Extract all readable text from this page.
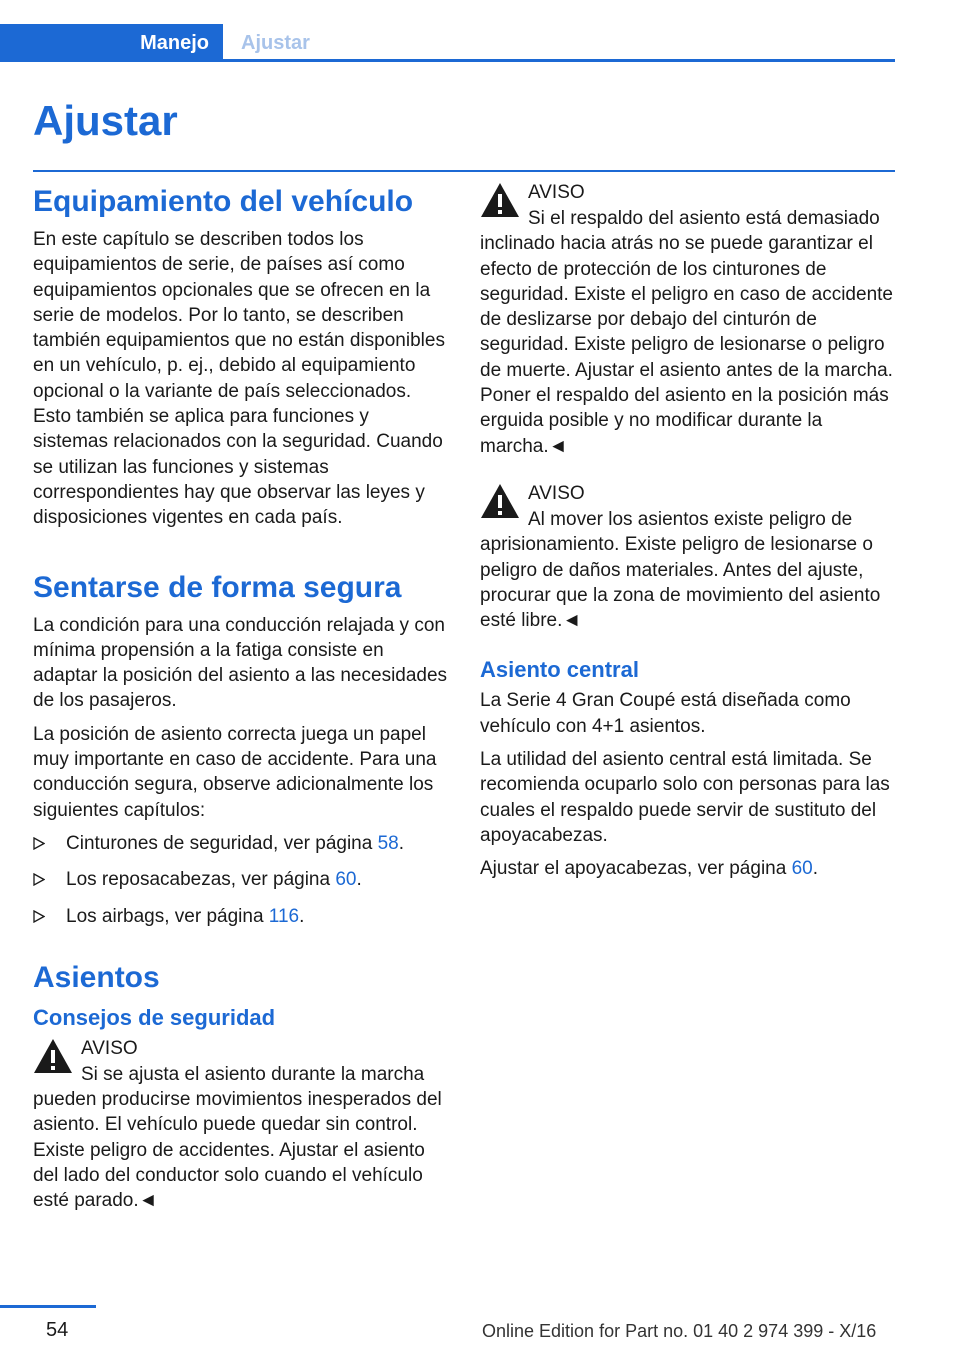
Manejo Ajustar
Ajustar
Equipamiento del vehículo

En este capítulo se describen todos los equipamientos de serie, de países así como equipamientos opcionales que se ofrecen en la serie de modelos. Por lo tanto, se describen también equipamientos que no están disponibles en un vehículo, p. ej., debido al equipamiento opcional o la variante de país seleccionados. Esto también se aplica para funciones y sistemas relacionados con la seguridad. Cuando se utilizan las funciones y sistemas correspondientes hay que observar las leyes y disposiciones vigentes en cada país.

Sentarse de forma segura

La condición para una conducción relajada y con mínima propensión a la fatiga consiste en adaptar la posición del asiento a las necesidades de los pasajeros.

La posición de asiento correcta juega un papel muy importante en caso de accidente. Para una conducción segura, observe adicionalmente los siguientes capítulos:

Cinturones de seguridad, ver página 58.
Los reposacabezas, ver página 60.
Los airbags, ver página 116.
Asientos
Consejos de seguridad
AVISO

Si se ajusta el asiento durante la marcha pueden producirse movimientos inesperados del asiento. El vehículo puede quedar sin control. Existe peligro de accidentes. Ajustar el asiento del lado del conductor solo cuando el vehículo esté parado.◄

AVISO

Si el respaldo del asiento está demasiado inclinado hacia atrás no se puede garantizar el efecto de protección de los cinturones de seguridad. Existe el peligro en caso de accidente de deslizarse por debajo del cinturón de seguridad. Existe peligro de lesionarse o peligro de muerte. Ajustar el asiento antes de la marcha. Poner el respaldo del asiento en la posición más erguida posible y no modificar durante la marcha.◄

AVISO

Al mover los asientos existe peligro de aprisionamiento. Existe peligro de lesionarse o peligro de daños materiales. Antes del ajuste, procurar que la zona de movimiento del asiento esté libre.◄

Asiento central

La Serie 4 Gran Coupé está diseñada como vehículo con 4+1 asientos.

La utilidad del asiento central está limitada. Se recomienda ocuparlo solo con personas para las cuales el respaldo puede servir de sustituto del apoyacabezas.

Ajustar el apoyacabezas, ver página 60.

54	Online Edition for Part no. 01 40 2 974 399 - X/16
